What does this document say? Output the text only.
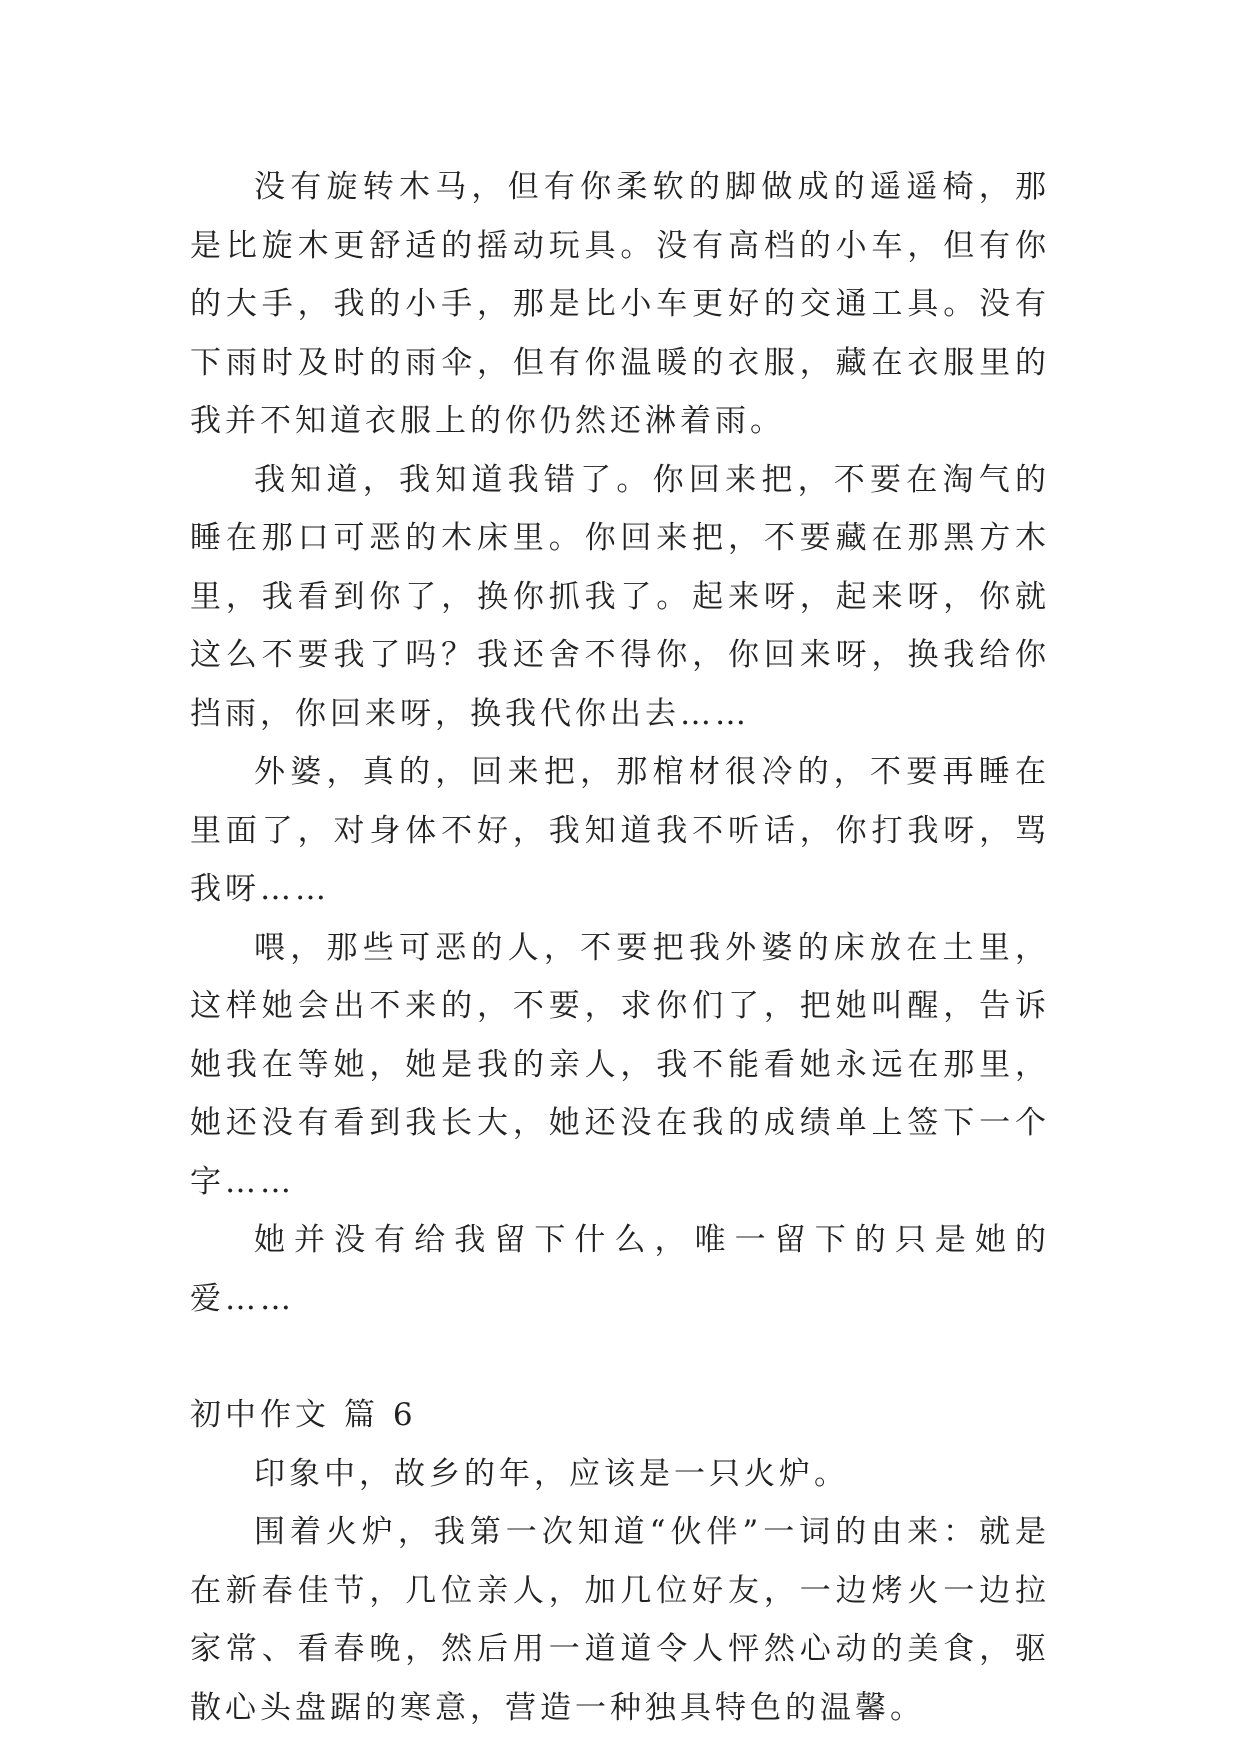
没有旋转木马，但有你柔软的脚做成的遥遥椅，那是比旋木更舒适的摇动玩具。没有高档的小车，但有你的大手，我的小手，那是比小车更好的交通工具。没有下雨时及时的雨伞，但有你温暖的衣服，藏在衣服里的我并不知道衣服上的你仍然还淋着雨。

我知道，我知道我错了。你回来把，不要在淘气的睡在那口可恶的木床里。你回来把，不要藏在那黑方木里，我看到你了，换你抓我了。起来呀，起来呀，你就这么不要我了吗？我还舍不得你，你回来呀，换我给你挡雨，你回来呀，换我代你出去……

外婆，真的，回来把，那棺材很冷的，不要再睡在里面了，对身体不好，我知道我不听话，你打我呀，骂我呀……

喂，那些可恶的人，不要把我外婆的床放在土里，这样她会出不来的，不要，求你们了，把她叫醒，告诉她我在等她，她是我的亲人，我不能看她永远在那里，她还没有看到我长大，她还没在我的成绩单上签下一个字……

她并没有给我留下什么，唯一留下的只是她的爱……

初中作文 篇 6

印象中，故乡的年，应该是一只火炉。

围着火炉，我第一次知道“伙伴”一词的由来：就是在新春佳节，几位亲人，加几位好友，一边烤火一边拉家常、看春晚，然后用一道道令人怦然心动的美食，驱散心头盘踞的寒意，营造一种独具特色的温馨。
